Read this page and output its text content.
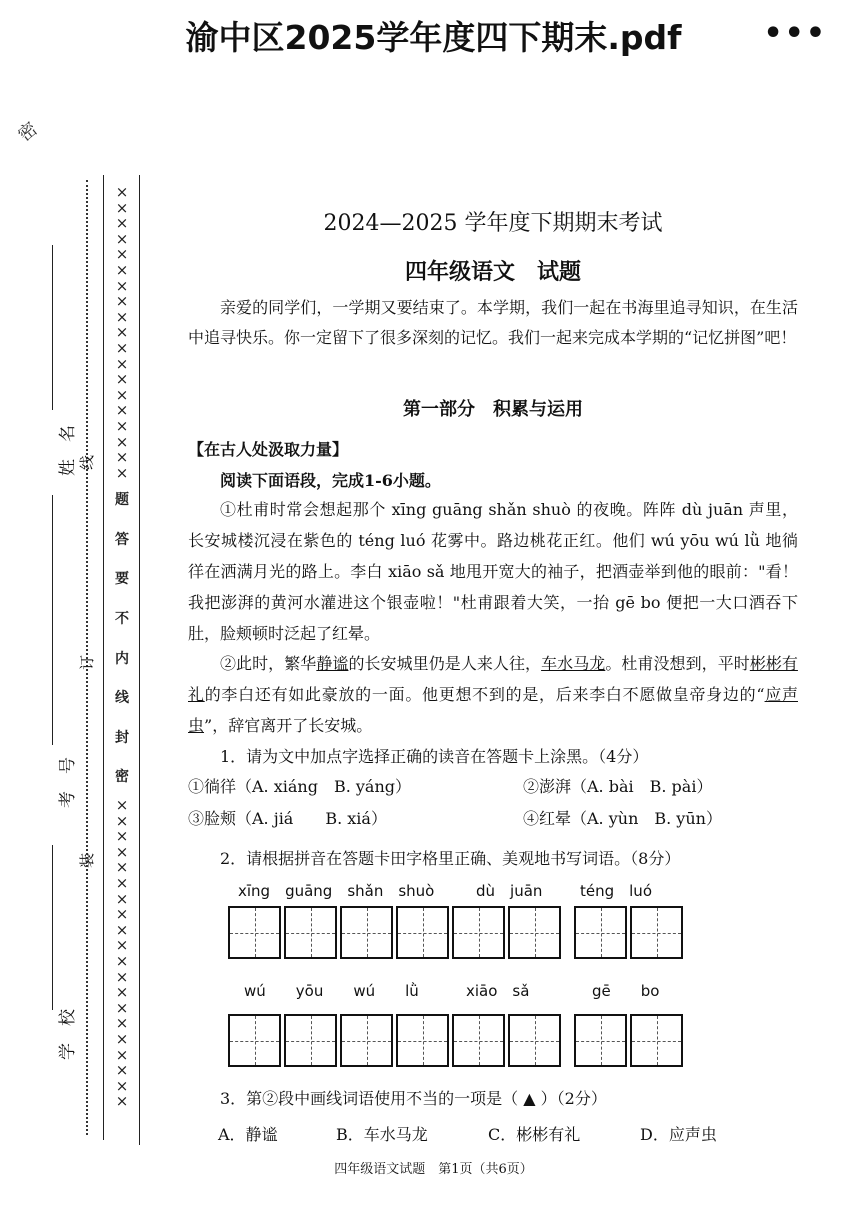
渝中区2025学年度四下期末.pdf	•••
密
×
×
×
×
×
×
×
×
×
×
×
×
×
×
×
×
×
×
×
题
答
要
不
内
线
封
密
×
×
×
×
×
×
×
×
×
×
×
×
×
×
×
×
×
×
×
×
姓　名
考　号
学　校
线
订
装
2024—2025 学年度下期期末考试
四年级语文　试题
亲爱的同学们，一学期又要结束了。本学期，我们一起在书海里追寻知识，在生活中追寻快乐。你一定留下了很多深刻的记忆。我们一起来完成本学期的“记忆拼图”吧！
第一部分　积累与运用
【在古人处汲取力量】
阅读下面语段，完成1-6小题。
①杜甫时常会想起那个 xīng guāng shǎn shuò 的夜晚。阵阵 dù juān 声里，长安城楼沉浸在紫色的 téng luó 花雾中。路边桃花正红。他们 wú yōu wú lǜ 地徜徉在洒满月光的路上。李白 xiāo sǎ 地甩开宽大的袖子，把酒壶举到他的眼前："看！我把澎湃的黄河水灌进这个银壶啦！"杜甫跟着大笑，一抬 gē bo 便把一大口酒吞下肚，脸颊顿时泛起了红晕。
②此时，繁华静谧的长安城里仍是人来人往，车水马龙。杜甫没想到，平时彬彬有礼的李白还有如此豪放的一面。他更想不到的是，后来李白不愿做皇帝身边的“应声虫”，辞官离开了长安城。
1．请为文中加点字选择正确的读音在答题卡上涂黑。（4分）
①徜徉（A. xiáng　B. yáng）	②澎湃（A. bài　B. pài）
③脸颊（A. jiá　　B. xiá）	④红晕（A. yùn　B. yūn）
2．请根据拼音在答题卡田字格里正确、美观地书写词语。（8分）
xīng　guāng　shǎn　shuò	dù　juān	téng　luó
wú　　yōu　　wú　　lǜ	xiāo　sǎ	gē　　bo
3．第②段中画线词语使用不当的一项是（ ▲ ）（2分）
A．静谧	B．车水马龙	C．彬彬有礼	D．应声虫
四年级语文试题　第1页（共6页）
